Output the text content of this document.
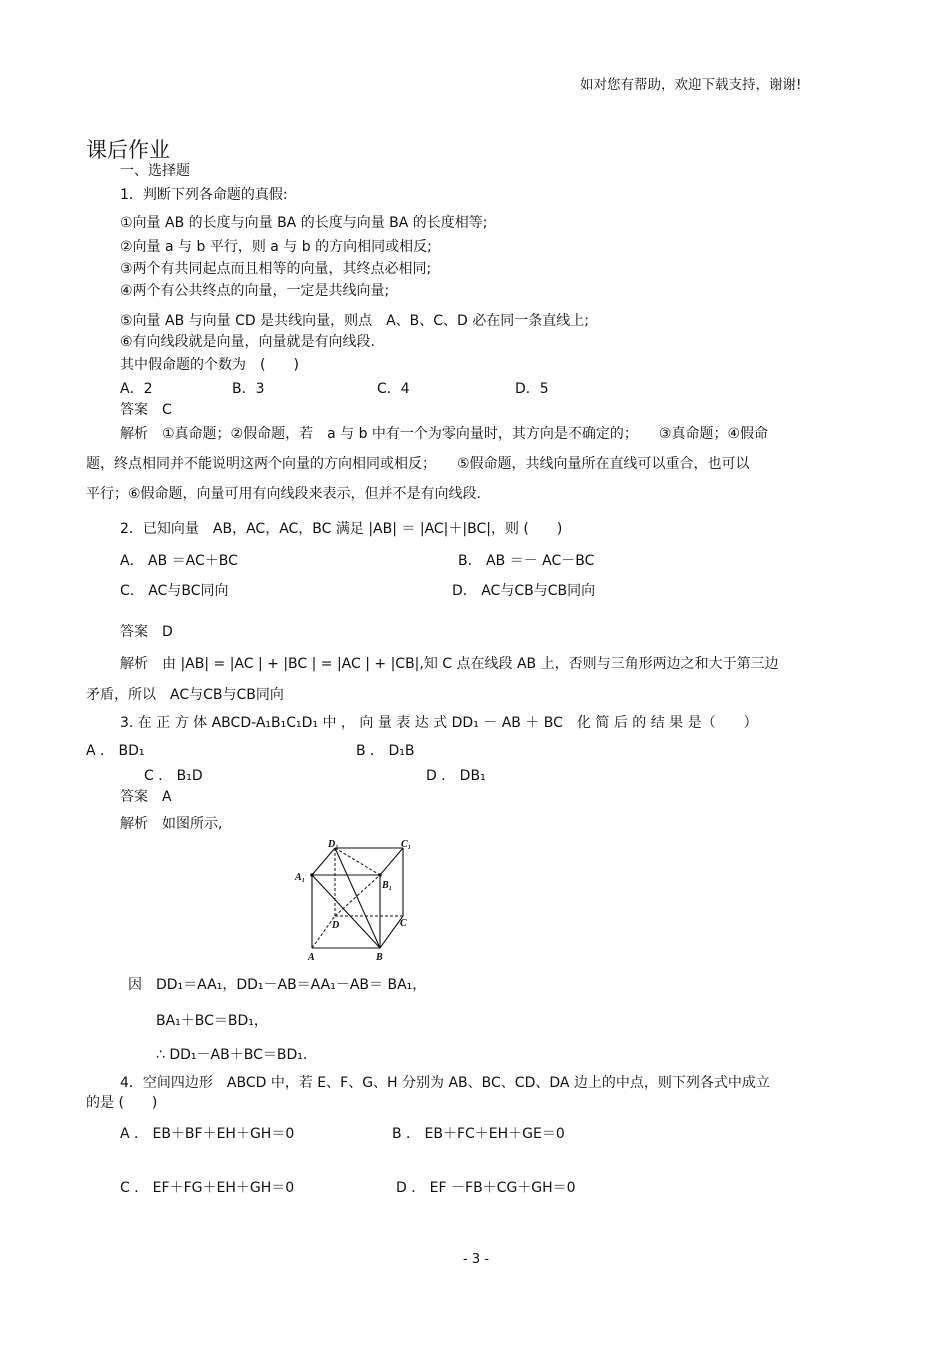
如对您有帮助，欢迎下载支持，谢谢!
课后作业
一、选择题
1．判断下列各命题的真假:
①向量 AB 的长度与向量 BA 的长度与向量 BA 的长度相等;
②向量 a 与 b 平行，则 a 与 b 的方向相同或相反;
③两个有共同起点而且相等的向量，其终点必相同;
④两个有公共终点的向量，一定是共线向量;
⑤向量 AB 与向量 CD 是共线向量，则点　A、B、C、D 必在同一条直线上;
⑥有向线段就是向量，向量就是有向线段.
其中假命题的个数为　(　　)
A．2	B．3	C．4	D．5
答案　C
解析　①真命题；②假命题，若　a 与 b 中有一个为零向量时，其方向是不确定的；　　③真命题；④假命
题，终点相同并不能说明这两个向量的方向相同或相反；　　⑤假命题，共线向量所在直线可以重合，也可以
平行；⑥假命题，向量可用有向线段来表示，但并不是有向线段.
2．已知向量　AB，AC，AC，BC 满足 |AB| ＝ |AC|＋|BC|，则 (　　)
A． AB ＝AC＋BC	B． AB ＝－ AC－BC
C． AC与BC同向	D． AC与CB与CB同向
答案　D
解析　由 |AB| = |AC | + |BC | = |AC | + |CB|,知 C 点在线段 AB 上，否则与三角形两边之和大于第三边
矛盾，所以　AC与CB与CB同向
3. 在 正 方 体 ABCD-A₁B₁C₁D₁ 中 ， 向 量 表 达 式 DD₁ － AB ＋ BC　化 简 后 的 结 果 是（　　）
A ． BD₁	B ． D₁B
C ． B₁D	D ． DB₁
答案　A
解析　如图所示,
D₁	C₁
A₁
B₁
D	C
A	B
因　DD₁＝AA₁，DD₁－AB＝AA₁－AB＝ BA₁，
BA₁＋BC＝BD₁，
∴ DD₁－AB＋BC＝BD₁.
4．空间四边形　ABCD 中，若 E、F、G、H 分别为 AB、BC、CD、DA 边上的中点，则下列各式中成立
的是 (　　)
A ． EB＋BF＋EH＋GH＝0	B ． EB＋FC＋EH＋GE＝0
C ． EF＋FG＋EH＋GH＝0	D ． EF －FB＋CG＋GH＝0
- 3 -
